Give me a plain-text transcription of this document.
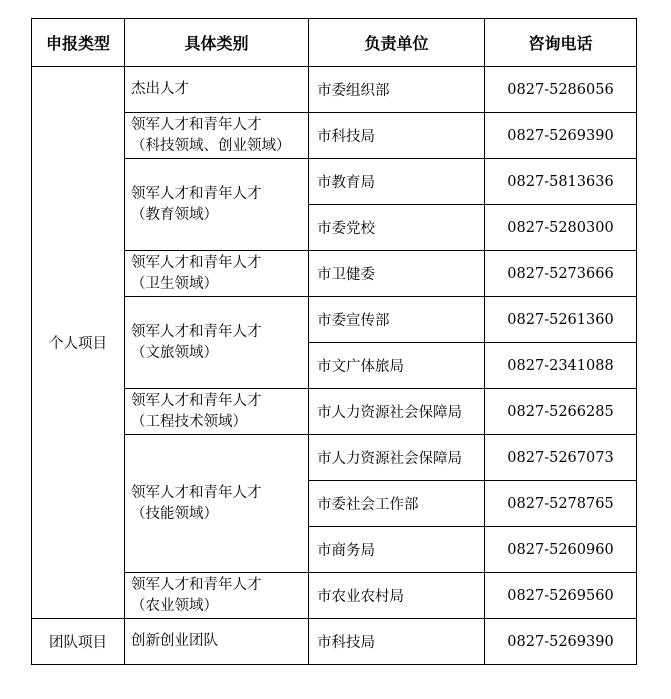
申报类型	具体类别	负责单位	咨询电话
个人项目	杰出人才	市委组织部	0827-5286056

	领军人才和青年人才
（科技领域、创业领域）	市科技局	0827-5269390

	领军人才和青年人才
（教育领域）	市教育局	0827-5813636
		市委党校	0827-5280300

	领军人才和青年人才
（卫生领域）	市卫健委	0827-5273666

	领军人才和青年人才
（文旅领域）	市委宣传部	0827-5261360
		市文广体旅局	0827-2341088

	领军人才和青年人才
（工程技术领域）	市人力资源社会保障局	0827-5266285

	领军人才和青年人才
（技能领域）	市人力资源社会保障局	0827-5267073
		市委社会工作部	0827-5278765
		市商务局	0827-5260960

	领军人才和青年人才
（农业领域）	市农业农村局	0827-5269560
团队项目	创新创业团队	市科技局	0827-5269390
